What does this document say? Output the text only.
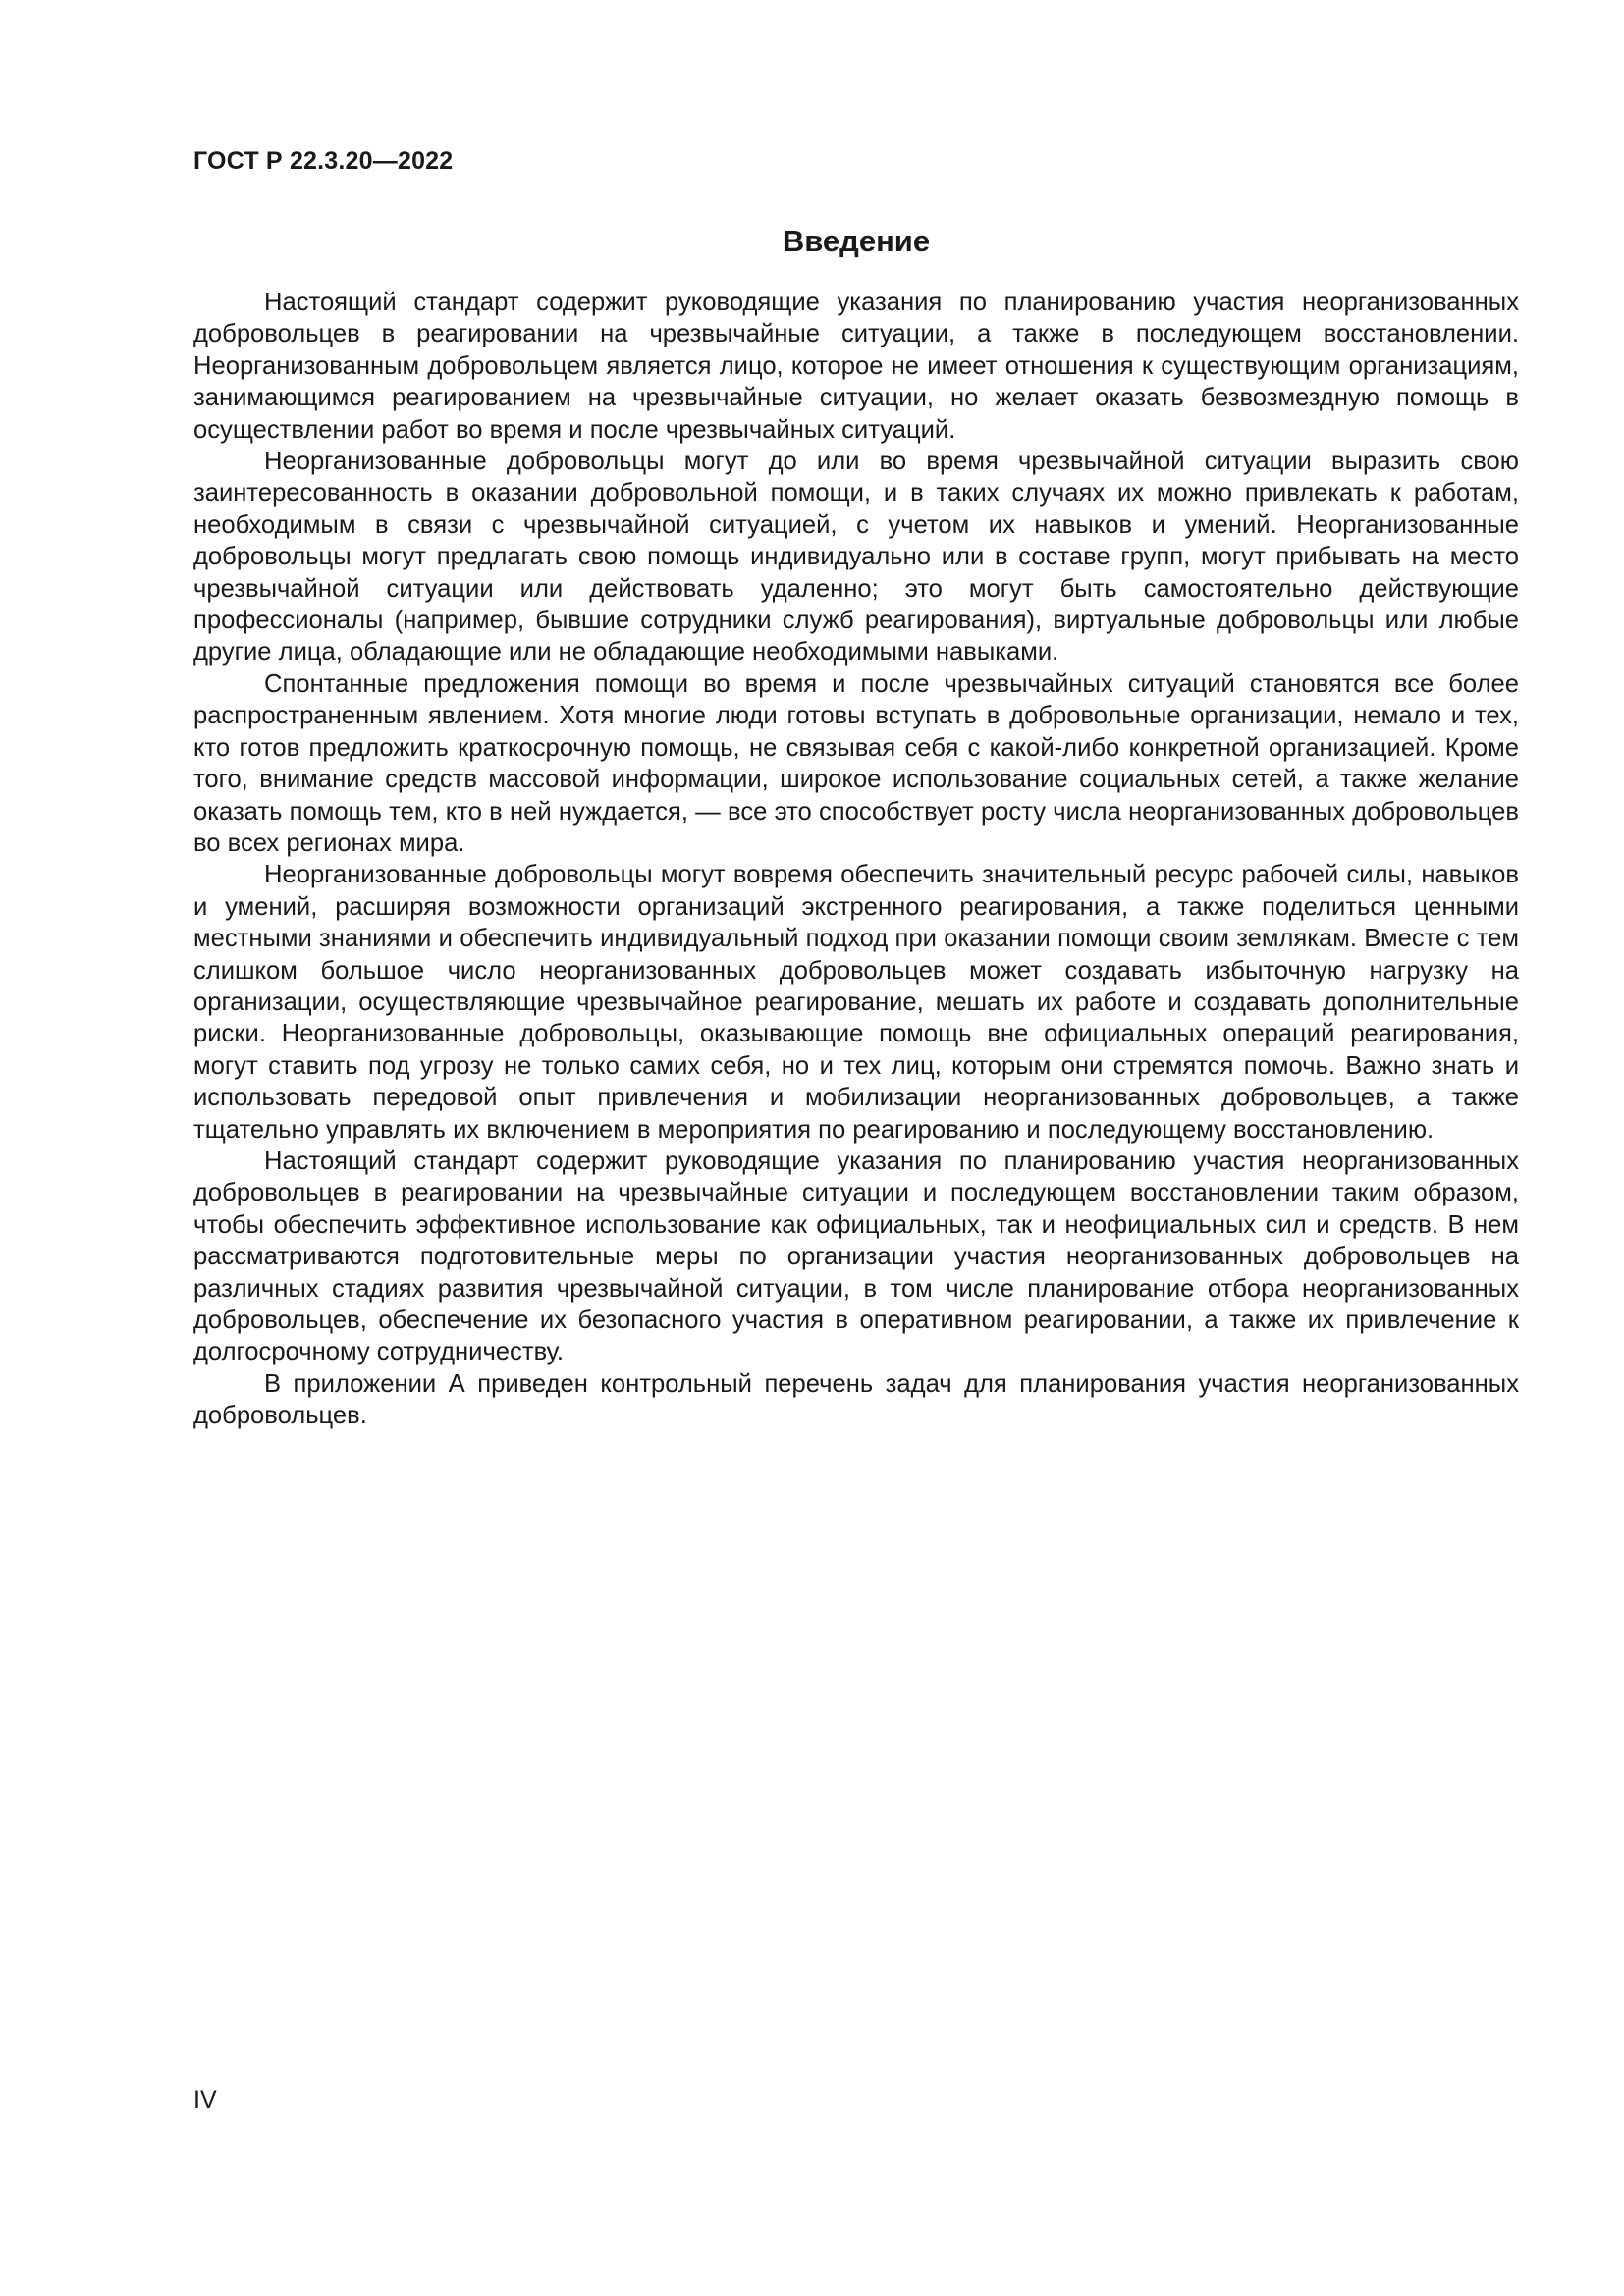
ГОСТ Р 22.3.20—2022
Введение

Настоящий стандарт содержит руководящие указания по планированию участия неорганизованных добровольцев в реагировании на чрезвычайные ситуации, а также в последующем восстановлении. Неорганизованным добровольцем является лицо, которое не имеет отношения к существующим организациям, занимающимся реагированием на чрезвычайные ситуации, но желает оказать безвозмездную помощь в осуществлении работ во время и после чрезвычайных ситуаций.

Неорганизованные добровольцы могут до или во время чрезвычайной ситуации выразить свою заинтересованность в оказании добровольной помощи, и в таких случаях их можно привлекать к работам, необходимым в связи с чрезвычайной ситуацией, с учетом их навыков и умений. Неорганизованные добровольцы могут предлагать свою помощь индивидуально или в составе групп, могут прибывать на место чрезвычайной ситуации или действовать удаленно; это могут быть самостоятельно действующие профессионалы (например, бывшие сотрудники служб реагирования), виртуальные добровольцы или любые другие лица, обладающие или не обладающие необходимыми навыками.

Спонтанные предложения помощи во время и после чрезвычайных ситуаций становятся все более распространенным явлением. Хотя многие люди готовы вступать в добровольные организации, немало и тех, кто готов предложить краткосрочную помощь, не связывая себя с какой-либо конкретной организацией. Кроме того, внимание средств массовой информации, широкое использование социальных сетей, а также желание оказать помощь тем, кто в ней нуждается, — все это способствует росту числа неорганизованных добровольцев во всех регионах мира.

Неорганизованные добровольцы могут вовремя обеспечить значительный ресурс рабочей силы, навыков и умений, расширяя возможности организаций экстренного реагирования, а также поделиться ценными местными знаниями и обеспечить индивидуальный подход при оказании помощи своим землякам. Вместе с тем слишком большое число неорганизованных добровольцев может создавать избыточную нагрузку на организации, осуществляющие чрезвычайное реагирование, мешать их работе и создавать дополнительные риски. Неорганизованные добровольцы, оказывающие помощь вне официальных операций реагирования, могут ставить под угрозу не только самих себя, но и тех лиц, которым они стремятся помочь. Важно знать и использовать передовой опыт привлечения и мобилизации неорганизованных добровольцев, а также тщательно управлять их включением в мероприятия по реагированию и последующему восстановлению.

Настоящий стандарт содержит руководящие указания по планированию участия неорганизованных добровольцев в реагировании на чрезвычайные ситуации и последующем восстановлении таким образом, чтобы обеспечить эффективное использование как официальных, так и неофициальных сил и средств. В нем рассматриваются подготовительные меры по организации участия неорганизованных добровольцев на различных стадиях развития чрезвычайной ситуации, в том числе планирование отбора неорганизованных добровольцев, обеспечение их безопасного участия в оперативном реагировании, а также их привлечение к долгосрочному сотрудничеству.

В приложении А приведен контрольный перечень задач для планирования участия неорганизованных добровольцев.

IV
